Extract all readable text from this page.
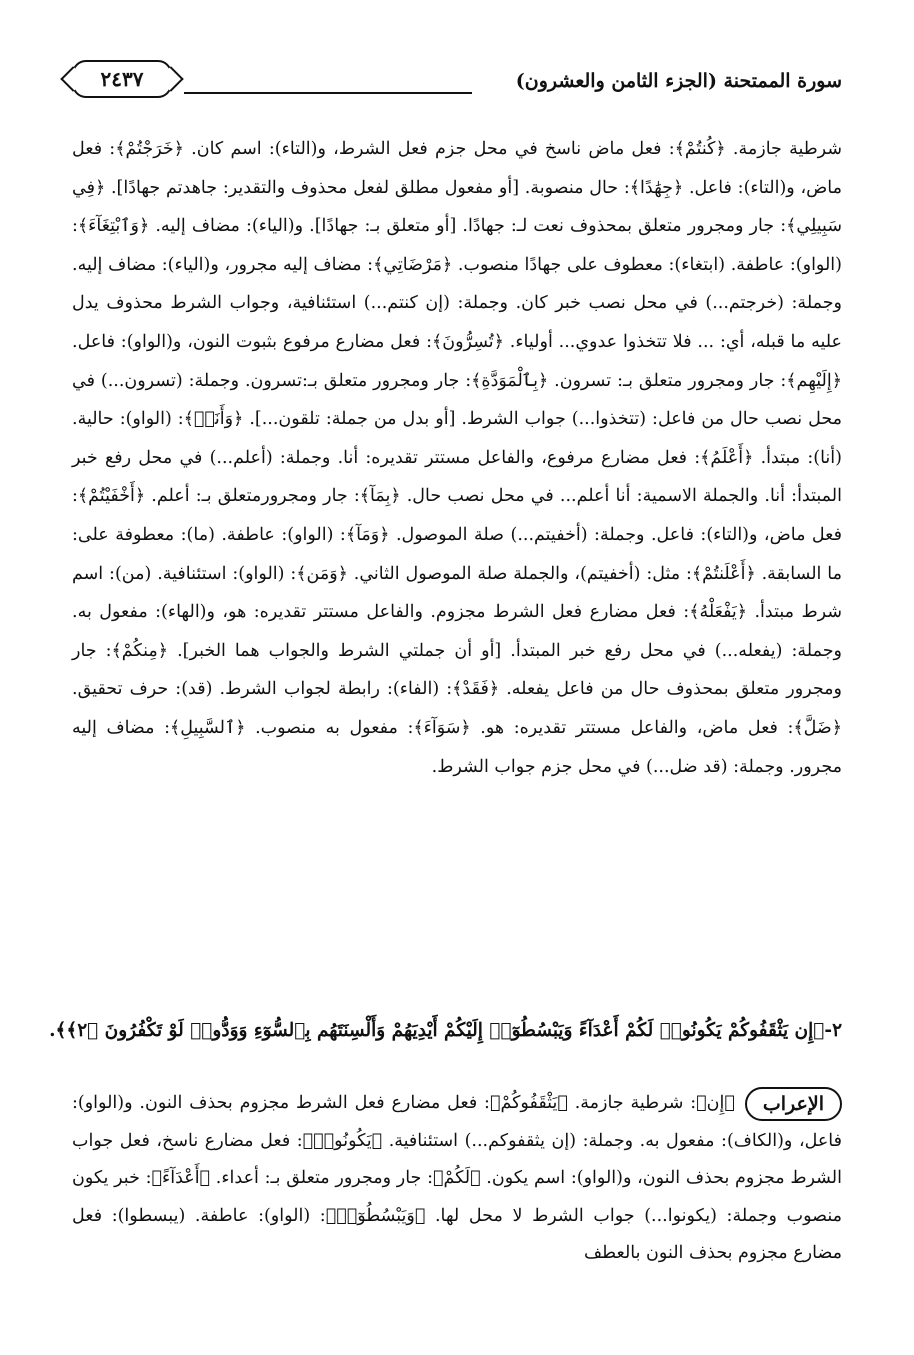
سورة الممتحنة (الجزء الثامن والعشرون)
٢٤٣٧

شرطية جازمة. ﴿كُنتُمْ﴾: فعل ماض ناسخ في محل جزم فعل الشرط، و(التاء): اسم كان. ﴿خَرَجْتُمْ﴾: فعل ماض، و(التاء): فاعل. ﴿جِهَٰدًا﴾: حال منصوبة. [أو مفعول مطلق لفعل محذوف والتقدير: جاهدتم جهادًا]. ﴿فِي سَبِيلِي﴾: جار ومجرور متعلق بمحذوف نعت لـ: جهادًا. [أو متعلق بـ: جهادًا]. و(الياء): مضاف إليه. ﴿وَٱبْتِغَآءَ﴾: (الواو): عاطفة. (ابتغاء): معطوف على جهادًا منصوب. ﴿مَرْضَاتِي﴾: مضاف إليه مجرور، و(الياء): مضاف إليه. وجملة: (خرجتم...) في محل نصب خبر كان. وجملة: (إن كنتم...) استئنافية، وجواب الشرط محذوف يدل عليه ما قبله، أي: ... فلا تتخذوا عدوي... أولياء. ﴿تُسِرُّونَ﴾: فعل مضارع مرفوع بثبوت النون، و(الواو): فاعل. ﴿إِلَيْهِم﴾: جار ومجرور متعلق بـ: تسرون. ﴿بِٱلْمَوَدَّةِ﴾: جار ومجرور متعلق بـ:تسرون. وجملة: (تسرون...) في محل نصب حال من فاعل: (تتخذوا...) جواب الشرط. [أو بدل من جملة: تلقون...]. ﴿وَأَنَا۠﴾: (الواو): حالية. (أنا): مبتدأ. ﴿أَعْلَمُ﴾: فعل مضارع مرفوع، والفاعل مستتر تقديره: أنا. وجملة: (أعلم...) في محل رفع خبر المبتدأ: أنا. والجملة الاسمية: أنا أعلم... في محل نصب حال. ﴿بِمَآ﴾: جار ومجرورمتعلق بـ: أعلم. ﴿أَخْفَيْتُمْ﴾: فعل ماض، و(التاء): فاعل. وجملة: (أخفيتم...) صلة الموصول. ﴿وَمَآ﴾: (الواو): عاطفة. (ما): معطوفة على: ما السابقة. ﴿أَعْلَنتُمْ﴾: مثل: (أخفيتم)، والجملة صلة الموصول الثاني. ﴿وَمَن﴾: (الواو): استئنافية. (من): اسم شرط مبتدأ. ﴿يَفْعَلْهُ﴾: فعل مضارع فعل الشرط مجزوم. والفاعل مستتر تقديره: هو، و(الهاء): مفعول به. وجملة: (يفعله...) في محل رفع خبر المبتدأ. [أو أن جملتي الشرط والجواب هما الخبر]. ﴿مِنكُمْ﴾: جار ومجرور متعلق بمحذوف حال من فاعل يفعله. ﴿فَقَدْ﴾: (الفاء): رابطة لجواب الشرط. (قد): حرف تحقيق. ﴿ضَلَّ﴾: فعل ماض، والفاعل مستتر تقديره: هو. ﴿سَوَآءَ﴾: مفعول به منصوب. ﴿ٱلسَّبِيلِ﴾: مضاف إليه مجرور. وجملة: (قد ضل...) في محل جزم جواب الشرط.

٢-﴿إِن يَثْقَفُوكُمْ يَكُونُوا۟ لَكُمْ أَعْدَآءً وَيَبْسُطُوٓا۟ إِلَيْكُمْ أَيْدِيَهُمْ وَأَلْسِنَتَهُم بِٱلسُّوٓءِ وَوَدُّوا۟ لَوْ تَكْفُرُونَ ﴿٢﴾﴾.
الإعراب
﴿إِن﴾: شرطية جازمة. ﴿يَثْقَفُوكُمْ﴾: فعل مضارع فعل الشرط مجزوم بحذف النون. و(الواو): فاعل، و(الكاف): مفعول به. وجملة: (إن يثقفوكم...) استئنافية. ﴿يَكُونُوا۟﴾: فعل مضارع ناسخ، فعل جواب الشرط مجزوم بحذف النون، و(الواو): اسم يكون. ﴿لَكُمْ﴾: جار ومجرور متعلق بـ: أعداء. ﴿أَعْدَآءً﴾: خبر يكون منصوب وجملة: (يكونوا...) جواب الشرط لا محل لها. ﴿وَيَبْسُطُوٓا۟﴾: (الواو): عاطفة. (يبسطوا): فعل مضارع مجزوم بحذف النون بالعطف
